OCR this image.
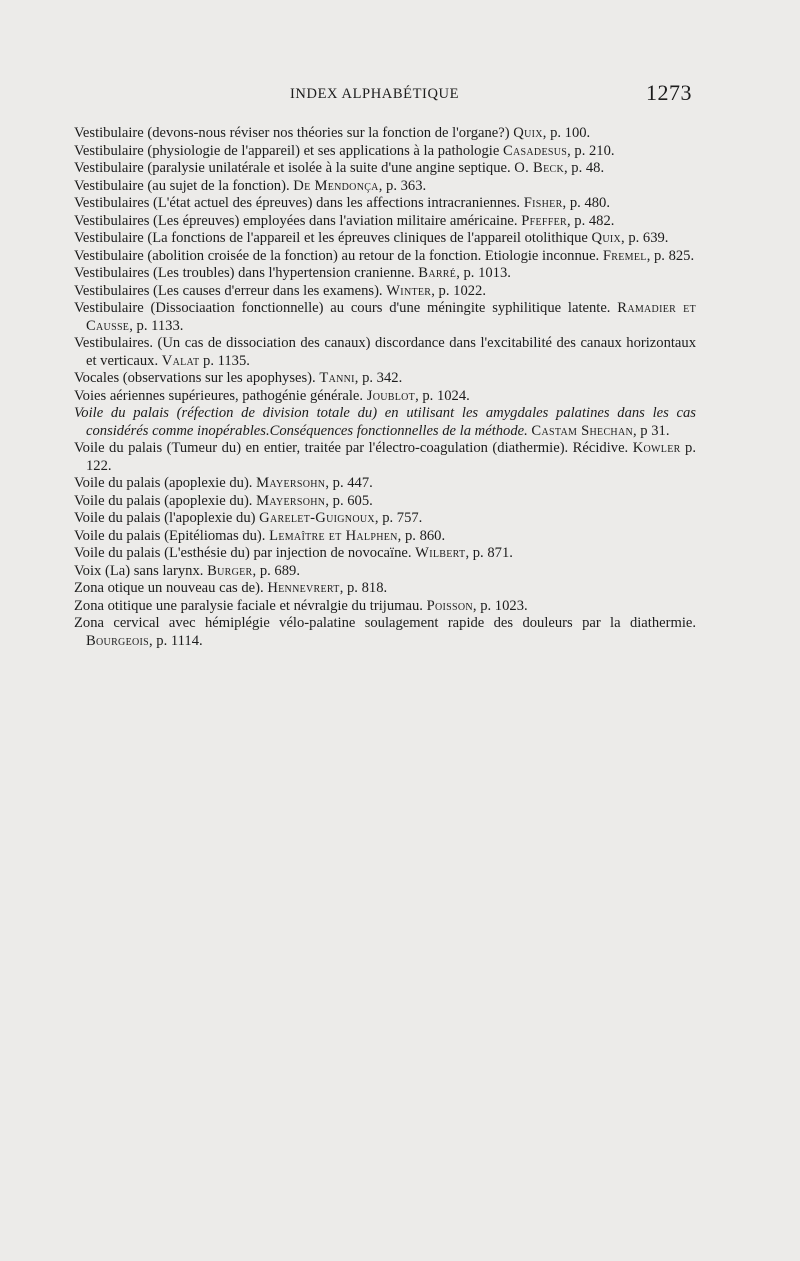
INDEX ALPHABÉTIQUE	1273

Vestibulaire (devons-nous réviser nos théories sur la fonction de l'organe?) Quix, p. 100.

Vestibulaire (physiologie de l'appareil) et ses applications à la pathologie Casadesus, p. 210.

Vestibulaire (paralysie unilatérale et isolée à la suite d'une angine septique. O. Beck, p. 48.

Vestibulaire (au sujet de la fonction). De Mendonça, p. 363.

Vestibulaires (L'état actuel des épreuves) dans les affections intracraniennes. Fisher, p. 480.

Vestibulaires (Les épreuves) employées dans l'aviation militaire américaine. Pfeffer, p. 482.

Vestibulaire (La fonctions de l'appareil et les épreuves cliniques de l'appareil otolithique Quix, p. 639.

Vestibulaire (abolition croisée de la fonction) au retour de la fonction. Etiologie inconnue. Fremel, p. 825.

Vestibulaires (Les troubles) dans l'hypertension cranienne. Barré, p. 1013.

Vestibulaires (Les causes d'erreur dans les examens). Winter, p. 1022.

Vestibulaire (Dissociaation fonctionnelle) au cours d'une méningite syphilitique latente. Ramadier et Causse, p. 1133.

Vestibulaires. (Un cas de dissociation des canaux) discordance dans l'excitabilité des canaux horizontaux et verticaux. Valat p. 1135.

Vocales (observations sur les apophyses). Tanni, p. 342.

Voies aériennes supérieures, pathogénie générale. Joublot, p. 1024.

Voile du palais (réfection de division totale du) en utilisant les amygdales palatines dans les cas considérés comme inopérables.Conséquences fonctionnelles de la méthode. Castam Shechan, p 31.

Voile du palais (Tumeur du) en entier, traitée par l'électro-coagulation (diathermie). Récidive. Kowler p. 122.

Voile du palais (apoplexie du). Mayersohn, p. 447.

Voile du palais (apoplexie du). Mayersohn, p. 605.

Voile du palais (l'apoplexie du) Garelet-Guignoux, p. 757.

Voile du palais (Epitéliomas du). Lemaître et Halphen, p. 860.

Voile du palais (L'esthésie du) par injection de novocaïne. Wilbert, p. 871.

Voix (La) sans larynx. Burger, p. 689.

Zona otique un nouveau cas de). Hennevrert, p. 818.

Zona otitique une paralysie faciale et névralgie du trijumau. Poisson, p. 1023.

Zona cervical avec hémiplégie vélo-palatine soulagement rapide des douleurs par la diathermie. Bourgeois, p. 1114.
